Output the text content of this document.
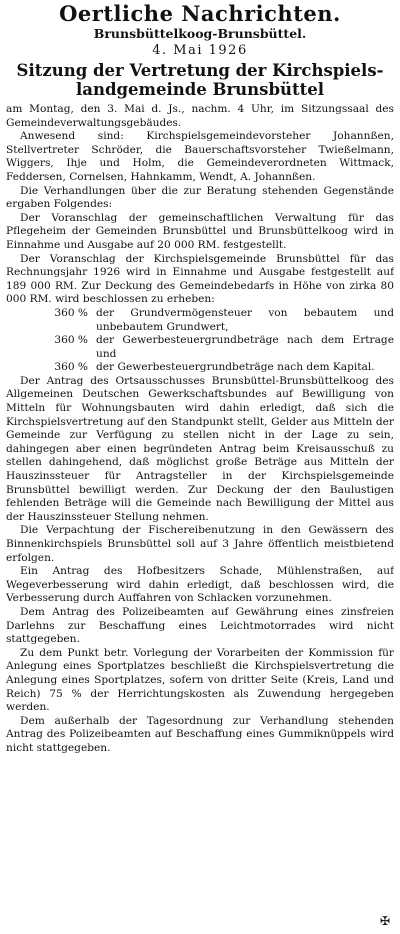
Oertliche Nachrichten.
Brunsbüttelkoog-Brunsbüttel.
4. Mai 1926
Sitzung der Vertretung der Kirchspiels-landgemeinde Brunsbüttel

am Montag, den 3. Mai d. Js., nachm. 4 Uhr, im Sitzungssaal des Gemeindeverwaltungsgebäudes.

Anwesend sind: Kirchspielsgemeindevorsteher Johannßen, Stellvertreter Schröder, die Bauerschaftsvorsteher Twießelmann, Wiggers, Ihje und Holm, die Gemeindeverordneten Wittmack, Feddersen, Cornelsen, Hahnkamm, Wendt, A. Johannßen.

Die Verhandlungen über die zur Beratung stehenden Gegenstände ergaben Folgendes:

Der Voranschlag der gemeinschaftlichen Verwaltung für das Pflegeheim der Gemeinden Brunsbüttel und Brunsbüttelkoog wird in Einnahme und Ausgabe auf 20 000 RM. festgestellt.

Der Voranschlag der Kirchspielsgemeinde Brunsbüttel für das Rechnungsjahr 1926 wird in Einnahme und Ausgabe festgestellt auf 189 000 RM. Zur Deckung des Gemeindebedarfs in Höhe von zirka 80 000 RM. wird beschlossen zu erheben:

360 % der Grundvermögensteuer von bebautem und unbebautem Grundwert,
360 % der Gewerbesteuergrundbeträge nach dem Ertrage und
360 % der Gewerbesteuergrundbeträge nach dem Kapital.

Der Antrag des Ortsausschusses Brunsbüttel-Brunsbüttelkoog des Allgemeinen Deutschen Gewerkschaftsbundes auf Bewilligung von Mitteln für Wohnungsbauten wird dahin erledigt, daß sich die Kirchspielsvertretung auf den Standpunkt stellt, Gelder aus Mitteln der Gemeinde zur Verfügung zu stellen nicht in der Lage zu sein, dahingegen aber einen begründeten Antrag beim Kreisausschuß zu stellen dahingehend, daß möglichst große Beträge aus Mitteln der Hauszinssteuer für Antragsteller in der Kirchspielsgemeinde Brunsbüttel bewilligt werden. Zur Deckung der den Baulustigen fehlenden Beträge will die Gemeinde nach Bewilligung der Mittel aus der Hauszinssteuer Stellung nehmen.

Die Verpachtung der Fischereibenutzung in den Gewässern des Binnenkirchspiels Brunsbüttel soll auf 3 Jahre öffentlich meistbietend erfolgen.

Ein Antrag des Hofbesitzers Schade, Mühlenstraßen, auf Wegeverbesserung wird dahin erledigt, daß beschlossen wird, die Verbesserung durch Auffahren von Schlacken vorzunehmen.

Dem Antrag des Polizeibeamten auf Gewährung eines zinsfreien Darlehns zur Beschaffung eines Leichtmotorrades wird nicht stattgegeben.

Zu dem Punkt betr. Vorlegung der Vorarbeiten der Kommission für Anlegung eines Sportplatzes beschließt die Kirchspielsvertretung die Anlegung eines Sportplatzes, sofern von dritter Seite (Kreis, Land und Reich) 75 % der Herrichtungskosten als Zuwendung hergegeben werden.

Dem außerhalb der Tagesordnung zur Verhandlung stehenden Antrag des Polizeibeamten auf Beschaffung eines Gummiknüppels wird nicht stattgegeben.

✠
